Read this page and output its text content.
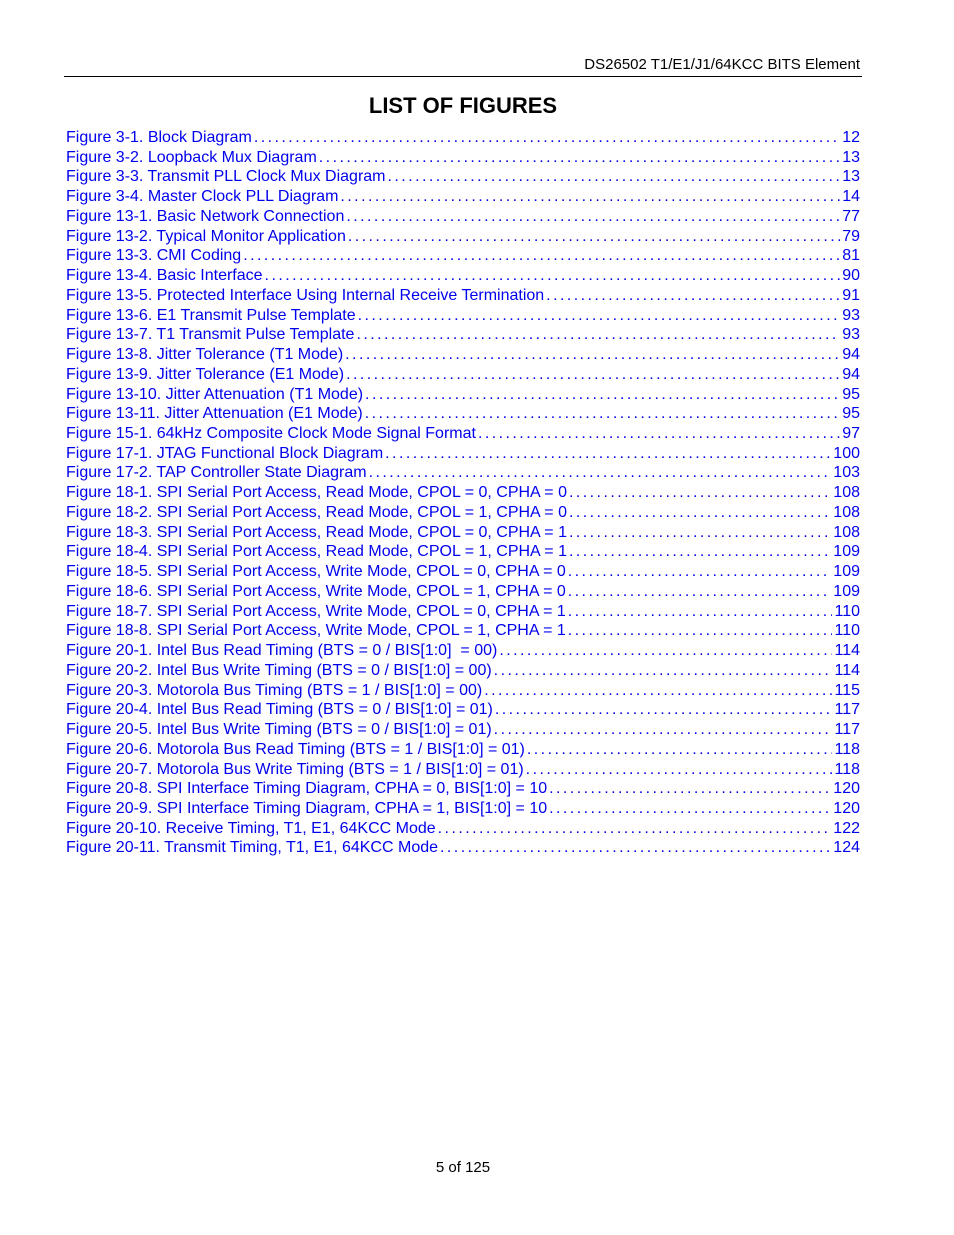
DS26502 T1/E1/J1/64KCC BITS Element
LIST OF FIGURES
Figure 3-1. Block Diagram . . .	12
Figure 3-2. Loopback Mux Diagram . . .	13
Figure 3-3. Transmit PLL Clock Mux Diagram . . .	13
Figure 3-4. Master Clock PLL Diagram . . .	14
Figure 13-1. Basic Network Connection . . .	77
Figure 13-2. Typical Monitor Application . . .	79
Figure 13-3. CMI Coding . . .	81
Figure 13-4. Basic Interface . . .	90
Figure 13-5. Protected Interface Using Internal Receive Termination . . .	91
Figure 13-6. E1 Transmit Pulse Template . . .	93
Figure 13-7. T1 Transmit Pulse Template . . .	93
Figure 13-8. Jitter Tolerance (T1 Mode) . . .	94
Figure 13-9. Jitter Tolerance (E1 Mode) . . .	94
Figure 13-10. Jitter Attenuation (T1 Mode) . . .	95
Figure 13-11. Jitter Attenuation (E1 Mode) . . .	95
Figure 15-1. 64kHz Composite Clock Mode Signal Format . . .	97
Figure 17-1. JTAG Functional Block Diagram . . .	100
Figure 17-2. TAP Controller State Diagram . . .	103
Figure 18-1. SPI Serial Port Access, Read Mode, CPOL = 0, CPHA = 0 . . .	108
Figure 18-2. SPI Serial Port Access, Read Mode, CPOL = 1, CPHA = 0 . . .	108
Figure 18-3. SPI Serial Port Access, Read Mode, CPOL = 0, CPHA = 1 . . .	108
Figure 18-4. SPI Serial Port Access, Read Mode, CPOL = 1, CPHA = 1 . . .	109
Figure 18-5. SPI Serial Port Access, Write Mode, CPOL = 0, CPHA = 0 . . .	109
Figure 18-6. SPI Serial Port Access, Write Mode, CPOL = 1, CPHA = 0 . . .	109
Figure 18-7. SPI Serial Port Access, Write Mode, CPOL = 0, CPHA = 1 . . .	110
Figure 18-8. SPI Serial Port Access, Write Mode, CPOL = 1, CPHA = 1 . . .	110
Figure 20-1. Intel Bus Read Timing (BTS = 0 / BIS[1:0]  = 00) . . .	114
Figure 20-2. Intel Bus Write Timing (BTS = 0 / BIS[1:0] = 00) . . .	114
Figure 20-3. Motorola Bus Timing (BTS = 1 / BIS[1:0] = 00) . . .	115
Figure 20-4. Intel Bus Read Timing (BTS = 0 / BIS[1:0] = 01) . . .	117
Figure 20-5. Intel Bus Write Timing (BTS = 0 / BIS[1:0] = 01) . . .	117
Figure 20-6. Motorola Bus Read Timing (BTS = 1 / BIS[1:0] = 01) . . .	118
Figure 20-7. Motorola Bus Write Timing (BTS = 1 / BIS[1:0] = 01) . . .	118
Figure 20-8. SPI Interface Timing Diagram, CPHA = 0, BIS[1:0] = 10 . . .	120
Figure 20-9. SPI Interface Timing Diagram, CPHA = 1, BIS[1:0] = 10 . . .	120
Figure 20-10. Receive Timing, T1, E1, 64KCC Mode . . .	122
Figure 20-11. Transmit Timing, T1, E1, 64KCC Mode . . .	124
5 of 125
